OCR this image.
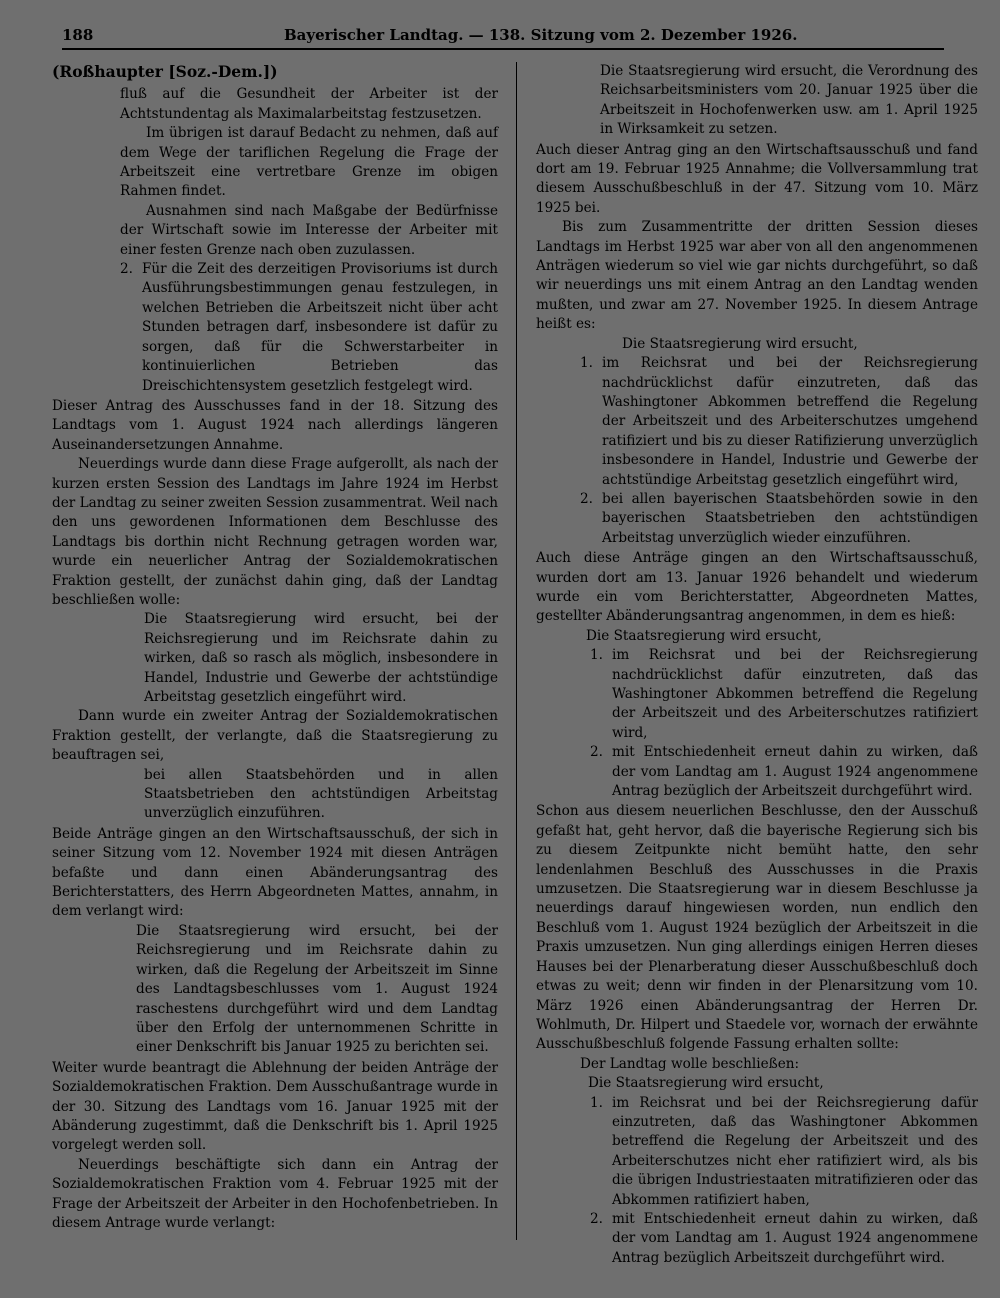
188	Bayerischer Landtag. — 138. Sitzung vom 2. Dezember 1926.

(Roßhaupter [Soz.-Dem.])

fluß auf die Gesundheit der Arbeiter ist der Achtstundentag als Maximalarbeitstag festzusetzen.

Im übrigen ist darauf Bedacht zu nehmen, daß auf dem Wege der tariflichen Regelung die Frage der Arbeitszeit eine vertretbare Grenze im obigen Rahmen findet.

Ausnahmen sind nach Maßgabe der Bedürfnisse der Wirtschaft sowie im Interesse der Arbeiter mit einer festen Grenze nach oben zuzulassen.

2. Für die Zeit des derzeitigen Provisoriums ist durch Ausführungsbestimmungen genau festzulegen, in welchen Betrieben die Arbeitszeit nicht über acht Stunden betragen darf, insbesondere ist dafür zu sorgen, daß für die Schwerstarbeiter in kontinuierlichen Betrieben das Dreischichtensystem gesetzlich festgelegt wird.

Dieser Antrag des Ausschusses fand in der 18. Sitzung des Landtags vom 1. August 1924 nach allerdings längeren Auseinandersetzungen Annahme.

Neuerdings wurde dann diese Frage aufgerollt, als nach der kurzen ersten Session des Landtags im Jahre 1924 im Herbst der Landtag zu seiner zweiten Session zusammentrat. Weil nach den uns gewordenen Informationen dem Beschlusse des Landtags bis dorthin nicht Rechnung getragen worden war, wurde ein neuerlicher Antrag der Sozialdemokratischen Fraktion gestellt, der zunächst dahin ging, daß der Landtag beschließen wolle:

Die Staatsregierung wird ersucht, bei der Reichsregierung und im Reichsrate dahin zu wirken, daß so rasch als möglich, insbesondere in Handel, Industrie und Gewerbe der achtstündige Arbeitstag gesetzlich eingeführt wird.

Dann wurde ein zweiter Antrag der Sozialdemokratischen Fraktion gestellt, der verlangte, daß die Staatsregierung zu beauftragen sei,

bei allen Staatsbehörden und in allen Staatsbetrieben den achtstündigen Arbeitstag unverzüglich einzuführen.

Beide Anträge gingen an den Wirtschaftsausschuß, der sich in seiner Sitzung vom 12. November 1924 mit diesen Anträgen befaßte und dann einen Abänderungsantrag des Berichterstatters, des Herrn Abgeordneten Mattes, annahm, in dem verlangt wird:

Die Staatsregierung wird ersucht, bei der Reichsregierung und im Reichsrate dahin zu wirken, daß die Regelung der Arbeitszeit im Sinne des Landtagsbeschlusses vom 1. August 1924 raschestens durchgeführt wird und dem Landtag über den Erfolg der unternommenen Schritte in einer Denkschrift bis Januar 1925 zu berichten sei.

Weiter wurde beantragt die Ablehnung der beiden Anträge der Sozialdemokratischen Fraktion. Dem Ausschußantrage wurde in der 30. Sitzung des Landtags vom 16. Januar 1925 mit der Abänderung zugestimmt, daß die Denkschrift bis 1. April 1925 vorgelegt werden soll.

Neuerdings beschäftigte sich dann ein Antrag der Sozialdemokratischen Fraktion vom 4. Februar 1925 mit der Frage der Arbeitszeit der Arbeiter in den Hochofenbetrieben. In diesem Antrage wurde verlangt:

Die Staatsregierung wird ersucht, die Verordnung des Reichsarbeitsministers vom 20. Januar 1925 über die Arbeitszeit in Hochofenwerken usw. am 1. April 1925 in Wirksamkeit zu setzen.

Auch dieser Antrag ging an den Wirtschaftsausschuß und fand dort am 19. Februar 1925 Annahme; die Vollversammlung trat diesem Ausschußbeschluß in der 47. Sitzung vom 10. März 1925 bei.

Bis zum Zusammentritte der dritten Session dieses Landtags im Herbst 1925 war aber von all den angenommenen Anträgen wiederum so viel wie gar nichts durchgeführt, so daß wir neuerdings uns mit einem Antrag an den Landtag wenden mußten, und zwar am 27. November 1925. In diesem Antrage heißt es:

Die Staatsregierung wird ersucht,

1. im Reichsrat und bei der Reichsregierung nachdrücklichst dafür einzutreten, daß das Washingtoner Abkommen betreffend die Regelung der Arbeitszeit und des Arbeiterschutzes umgehend ratifiziert und bis zu dieser Ratifizierung unverzüglich insbesondere in Handel, Industrie und Gewerbe der achtstündige Arbeitstag gesetzlich eingeführt wird,
2. bei allen bayerischen Staatsbehörden sowie in den bayerischen Staatsbetrieben den achtstündigen Arbeitstag unverzüglich wieder einzuführen.

Auch diese Anträge gingen an den Wirtschaftsausschuß, wurden dort am 13. Januar 1926 behandelt und wiederum wurde ein vom Berichterstatter, Abgeordneten Mattes, gestellter Abänderungsantrag angenommen, in dem es hieß:

Die Staatsregierung wird ersucht,

1. im Reichsrat und bei der Reichsregierung nachdrücklichst dafür einzutreten, daß das Washingtoner Abkommen betreffend die Regelung der Arbeitszeit und des Arbeiterschutzes ratifiziert wird,
2. mit Entschiedenheit erneut dahin zu wirken, daß der vom Landtag am 1. August 1924 angenommene Antrag bezüglich der Arbeitszeit durchgeführt wird.

Schon aus diesem neuerlichen Beschlusse, den der Ausschuß gefaßt hat, geht hervor, daß die bayerische Regierung sich bis zu diesem Zeitpunkte nicht bemüht hatte, den sehr lendenlahmen Beschluß des Ausschusses in die Praxis umzusetzen. Die Staatsregierung war in diesem Beschlusse ja neuerdings darauf hingewiesen worden, nun endlich den Beschluß vom 1. August 1924 bezüglich der Arbeitszeit in die Praxis umzusetzen. Nun ging allerdings einigen Herren dieses Hauses bei der Plenarberatung dieser Ausschußbeschluß doch etwas zu weit; denn wir finden in der Plenarsitzung vom 10. März 1926 einen Abänderungsantrag der Herren Dr. Wohlmuth, Dr. Hilpert und Staedele vor, wornach der erwähnte Ausschußbeschluß folgende Fassung erhalten sollte:

Der Landtag wolle beschließen:

Die Staatsregierung wird ersucht,

1. im Reichsrat und bei der Reichsregierung dafür einzutreten, daß das Washingtoner Abkommen betreffend die Regelung der Arbeitszeit und des Arbeiterschutzes nicht eher ratifiziert wird, als bis die übrigen Industriestaaten mitratifizieren oder das Abkommen ratifiziert haben,
2. mit Entschiedenheit erneut dahin zu wirken, daß der vom Landtag am 1. August 1924 angenommene Antrag bezüglich Arbeitszeit durchgeführt wird.
